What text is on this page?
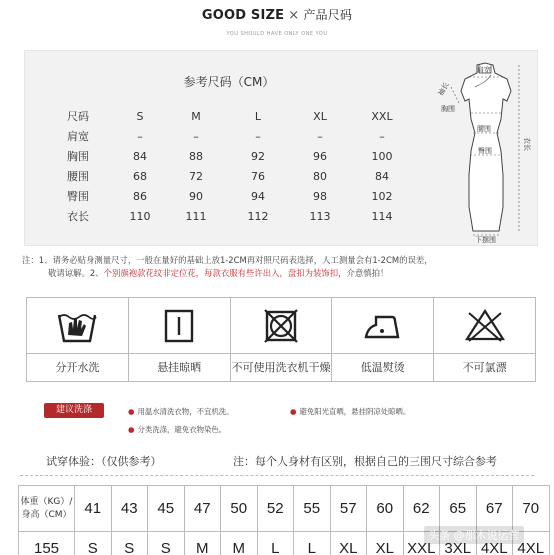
GOOD SIZE × 产品尺码
YOU SHOULD HAVE ONLY ONE YOU
参考尺码（CM）
尺码	S	M	L	XL	XXL
肩宽	–	–	–	–	–
胸围	84	88	92	96	100
腰围	68	72	76	80	84
臀围	86	90	94	98	102
衣长	110	111	112	113	114
肩宽
袖长
胸围
腰围
臀围	衣长
下摆围
注：1、请务必贴身测量尺寸，一般在量好的基础上放1-2CM再对照尺码表选择，人工测量会有1-2CM的误差，
敬请谅解。2、个别旗袍款花纹非定位花，每款衣服有些许出入，盘扣为装饰扣，介意慎拍！
分开水洗	悬挂晾晒	不可使用洗衣机干燥	低温熨烫	不可氯漂
建议洗涤	● 用温水清洗衣物，不宜机洗。	● 避免阳光直晒，悬挂阴凉处晾晒。
● 分类洗涤，避免衣物染色。
试穿体验：（仅供参考）	注：每个人身材有区别，根据自己的三围尺寸综合参考
体重（KG）/
身高（CM）	41	43	45	47	50	52	55	57	60	62	65	67	70
155	S	S	S	M	M	L	L	XL	XL	XXL	3XL	4XL	4XL
头条 @那木说运营
